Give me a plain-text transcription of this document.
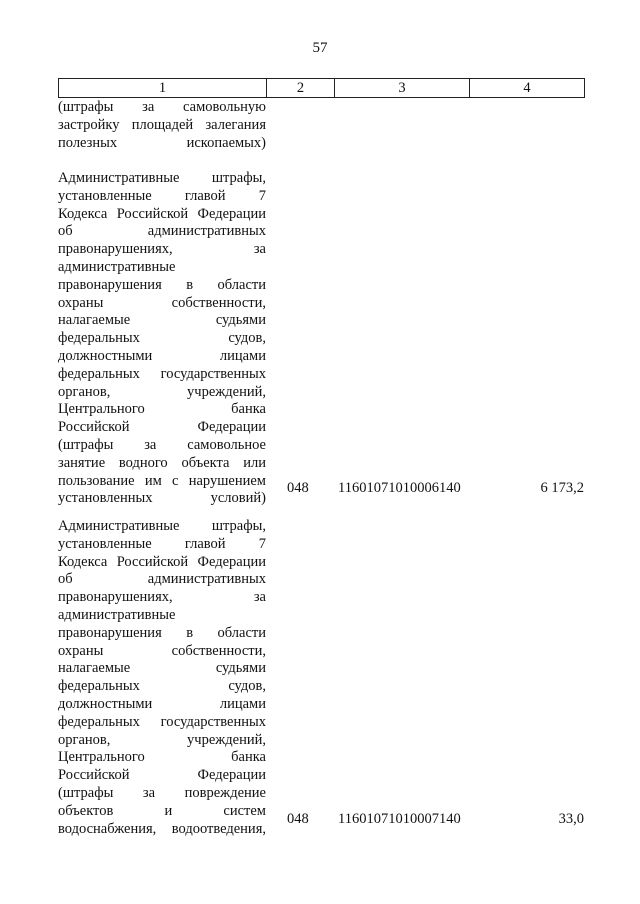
57
1	2	3	4
(штрафы за самовольную
застройку площадей залегания
полезных ископаемых)
Административные штрафы,
установленные главой 7
Кодекса Российской Федерации
об	административных
правонарушениях,	за
административные
правонарушения в области
охраны	собственности,
налагаемые	судьями
федеральных	судов,
должностными	лицами
федеральных государственных
органов,	учреждений,
Центрального	банка
Российской	Федерации
(штрафы за самовольное
занятие водного объекта или
пользование им с нарушением
установленных условий)
048 11601071010006140	6 173,2
Административные штрафы,
установленные главой 7
Кодекса Российской Федерации
об	административных
правонарушениях,	за
административные
правонарушения в области
охраны	собственности,
налагаемые	судьями
федеральных	судов,
должностными	лицами
федеральных государственных
органов,	учреждений,
Центрального	банка
Российской	Федерации
(штрафы за повреждение
объектов	и	систем
водоснабжения, водоотведения,
048 11601071010007140	33,0
